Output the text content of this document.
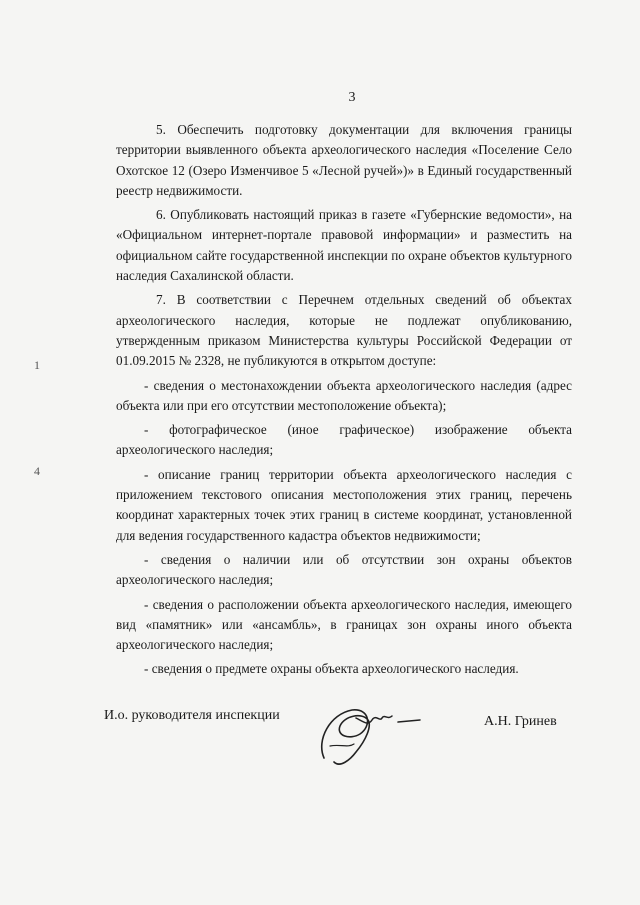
3

5. Обеспечить подготовку документации для включения границы территории выявленного объекта археологического наследия «Поселение Село Охотское 12 (Озеро Изменчивое 5 «Лесной ручей»)» в Единый государственный реестр недвижимости.

6. Опубликовать настоящий приказ в газете «Губернские ведомости», на «Официальном интернет-портале правовой информации» и разместить на официальном сайте государственной инспекции по охране объектов культурного наследия Сахалинской области.

7. В соответствии с Перечнем отдельных сведений об объектах археологического наследия, которые не подлежат опубликованию, утвержденным приказом Министерства культуры Российской Федерации от 01.09.2015 № 2328, не публикуются в открытом доступе:

- сведения о местонахождении объекта археологического наследия (адрес объекта или при его отсутствии местоположение объекта);

- фотографическое (иное графическое) изображение объекта археологического наследия;

- описание границ территории объекта археологического наследия с приложением текстового описания местоположения этих границ, перечень координат характерных точек этих границ в системе координат, установленной для ведения государственного кадастра объектов недвижимости;

- сведения о наличии или об отсутствии зон охраны объектов археологического наследия;

- сведения о расположении объекта археологического наследия, имеющего вид «памятник» или «ансамбль», в границах зон охраны иного объекта археологического наследия;

- сведения о предмете охраны объекта археологического наследия.

1
4
И.о. руководителя инспекции	А.Н. Гринев
